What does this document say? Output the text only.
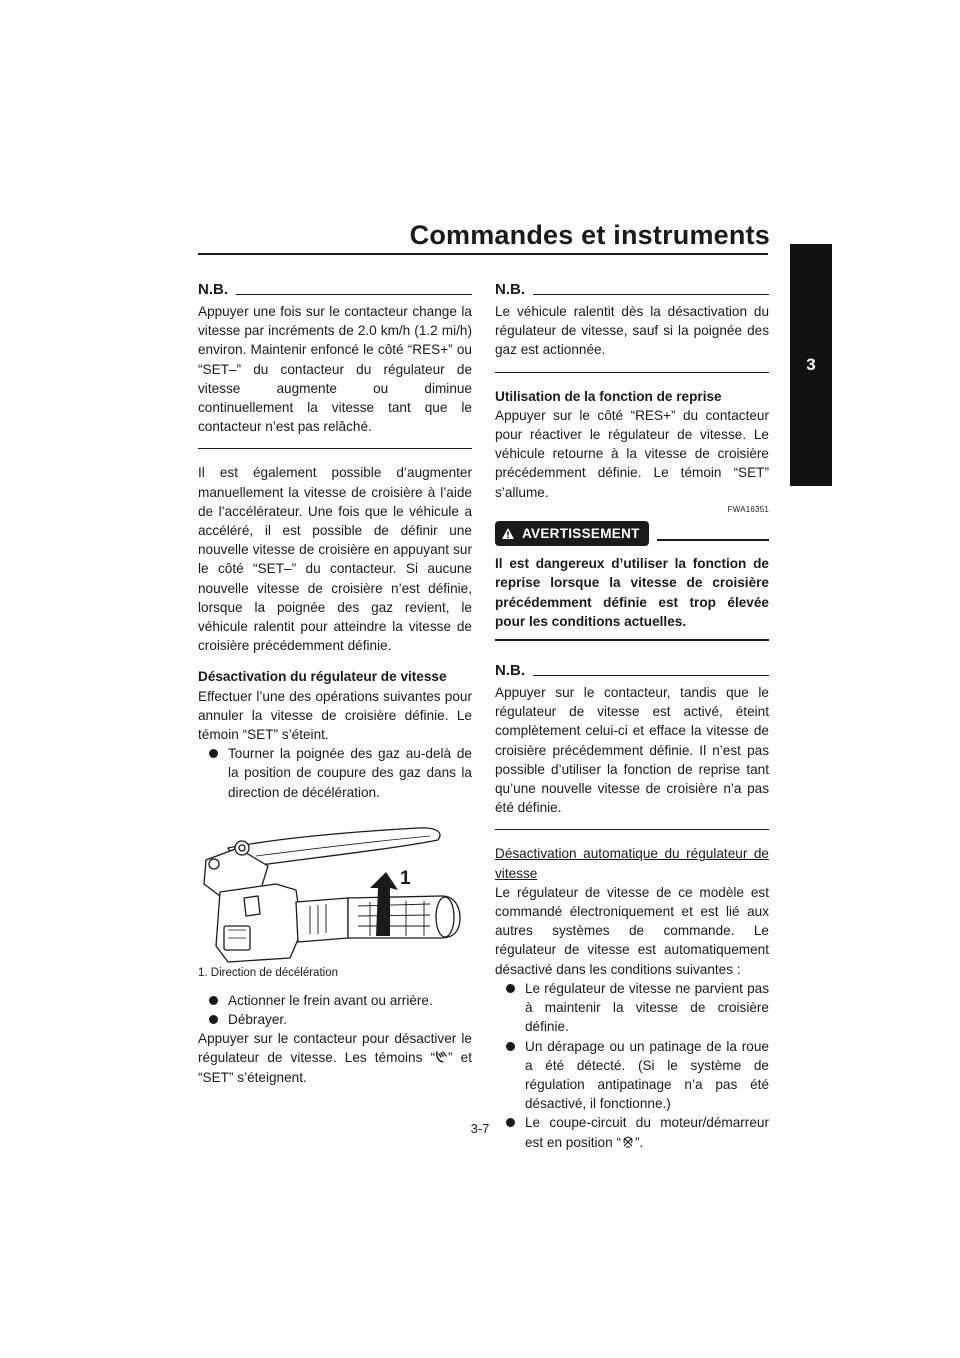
Commandes et instruments
3
N.B.

Appuyer une fois sur le contacteur change la vitesse par incréments de 2.0 km/h (1.2 mi/h) environ. Maintenir enfoncé le côté “RES+” ou “SET–” du contacteur du régulateur de vitesse augmente ou diminue continuellement la vitesse tant que le contacteur n’est pas relâché.

Il est également possible d’augmenter manuellement la vitesse de croisière à l’aide de l’accélérateur. Une fois que le véhicule a accéléré, il est possible de définir une nouvelle vitesse de croisière en appuyant sur le côté “SET–” du contacteur. Si aucune nouvelle vitesse de croisière n’est définie, lorsque la poignée des gaz revient, le véhicule ralentit pour atteindre la vitesse de croisière précédemment définie.

Désactivation du régulateur de vitesse

Effectuer l’une des opérations suivantes pour annuler la vitesse de croisière définie. Le témoin “SET” s’éteint.

Tourner la poignée des gaz au-delà de la position de coupure des gaz dans la direction de décélération.
1
1. Direction de décélération
Actionner le frein avant ou arrière.
Débrayer.

Appuyer sur le contacteur pour désactiver le régulateur de vitesse. Les témoins “ ” et “SET” s’éteignent.

N.B.

Le véhicule ralentit dès la désactivation du régulateur de vitesse, sauf si la poignée des gaz est actionnée.

Utilisation de la fonction de reprise

Appuyer sur le côté “RES+” du contacteur pour réactiver le régulateur de vitesse. Le véhicule retourne à la vitesse de croisière précédemment définie. Le témoin “SET” s’allume.

FWA16351
AVERTISSEMENT

Il est dangereux d’utiliser la fonction de reprise lorsque la vitesse de croisière précédemment définie est trop élevée pour les conditions actuelles.

N.B.

Appuyer sur le contacteur, tandis que le régulateur de vitesse est activé, éteint complètement celui-ci et efface la vitesse de croisière précédemment définie. Il n’est pas possible d’utiliser la fonction de reprise tant qu’une nouvelle vitesse de croisière n’a pas été définie.

Désactivation automatique du régulateur de vitesse

Le régulateur de vitesse de ce modèle est commandé électroniquement et est lié aux autres systèmes de commande. Le régulateur de vitesse est automatiquement désactivé dans les conditions suivantes :

Le régulateur de vitesse ne parvient pas à maintenir la vitesse de croisière définie.
Un dérapage ou un patinage de la roue a été détecté. (Si le système de régulation antipatinage n’a pas été désactivé, il fonctionne.)
Le coupe-circuit du moteur/démarreur est en position “ ”.
3-7
